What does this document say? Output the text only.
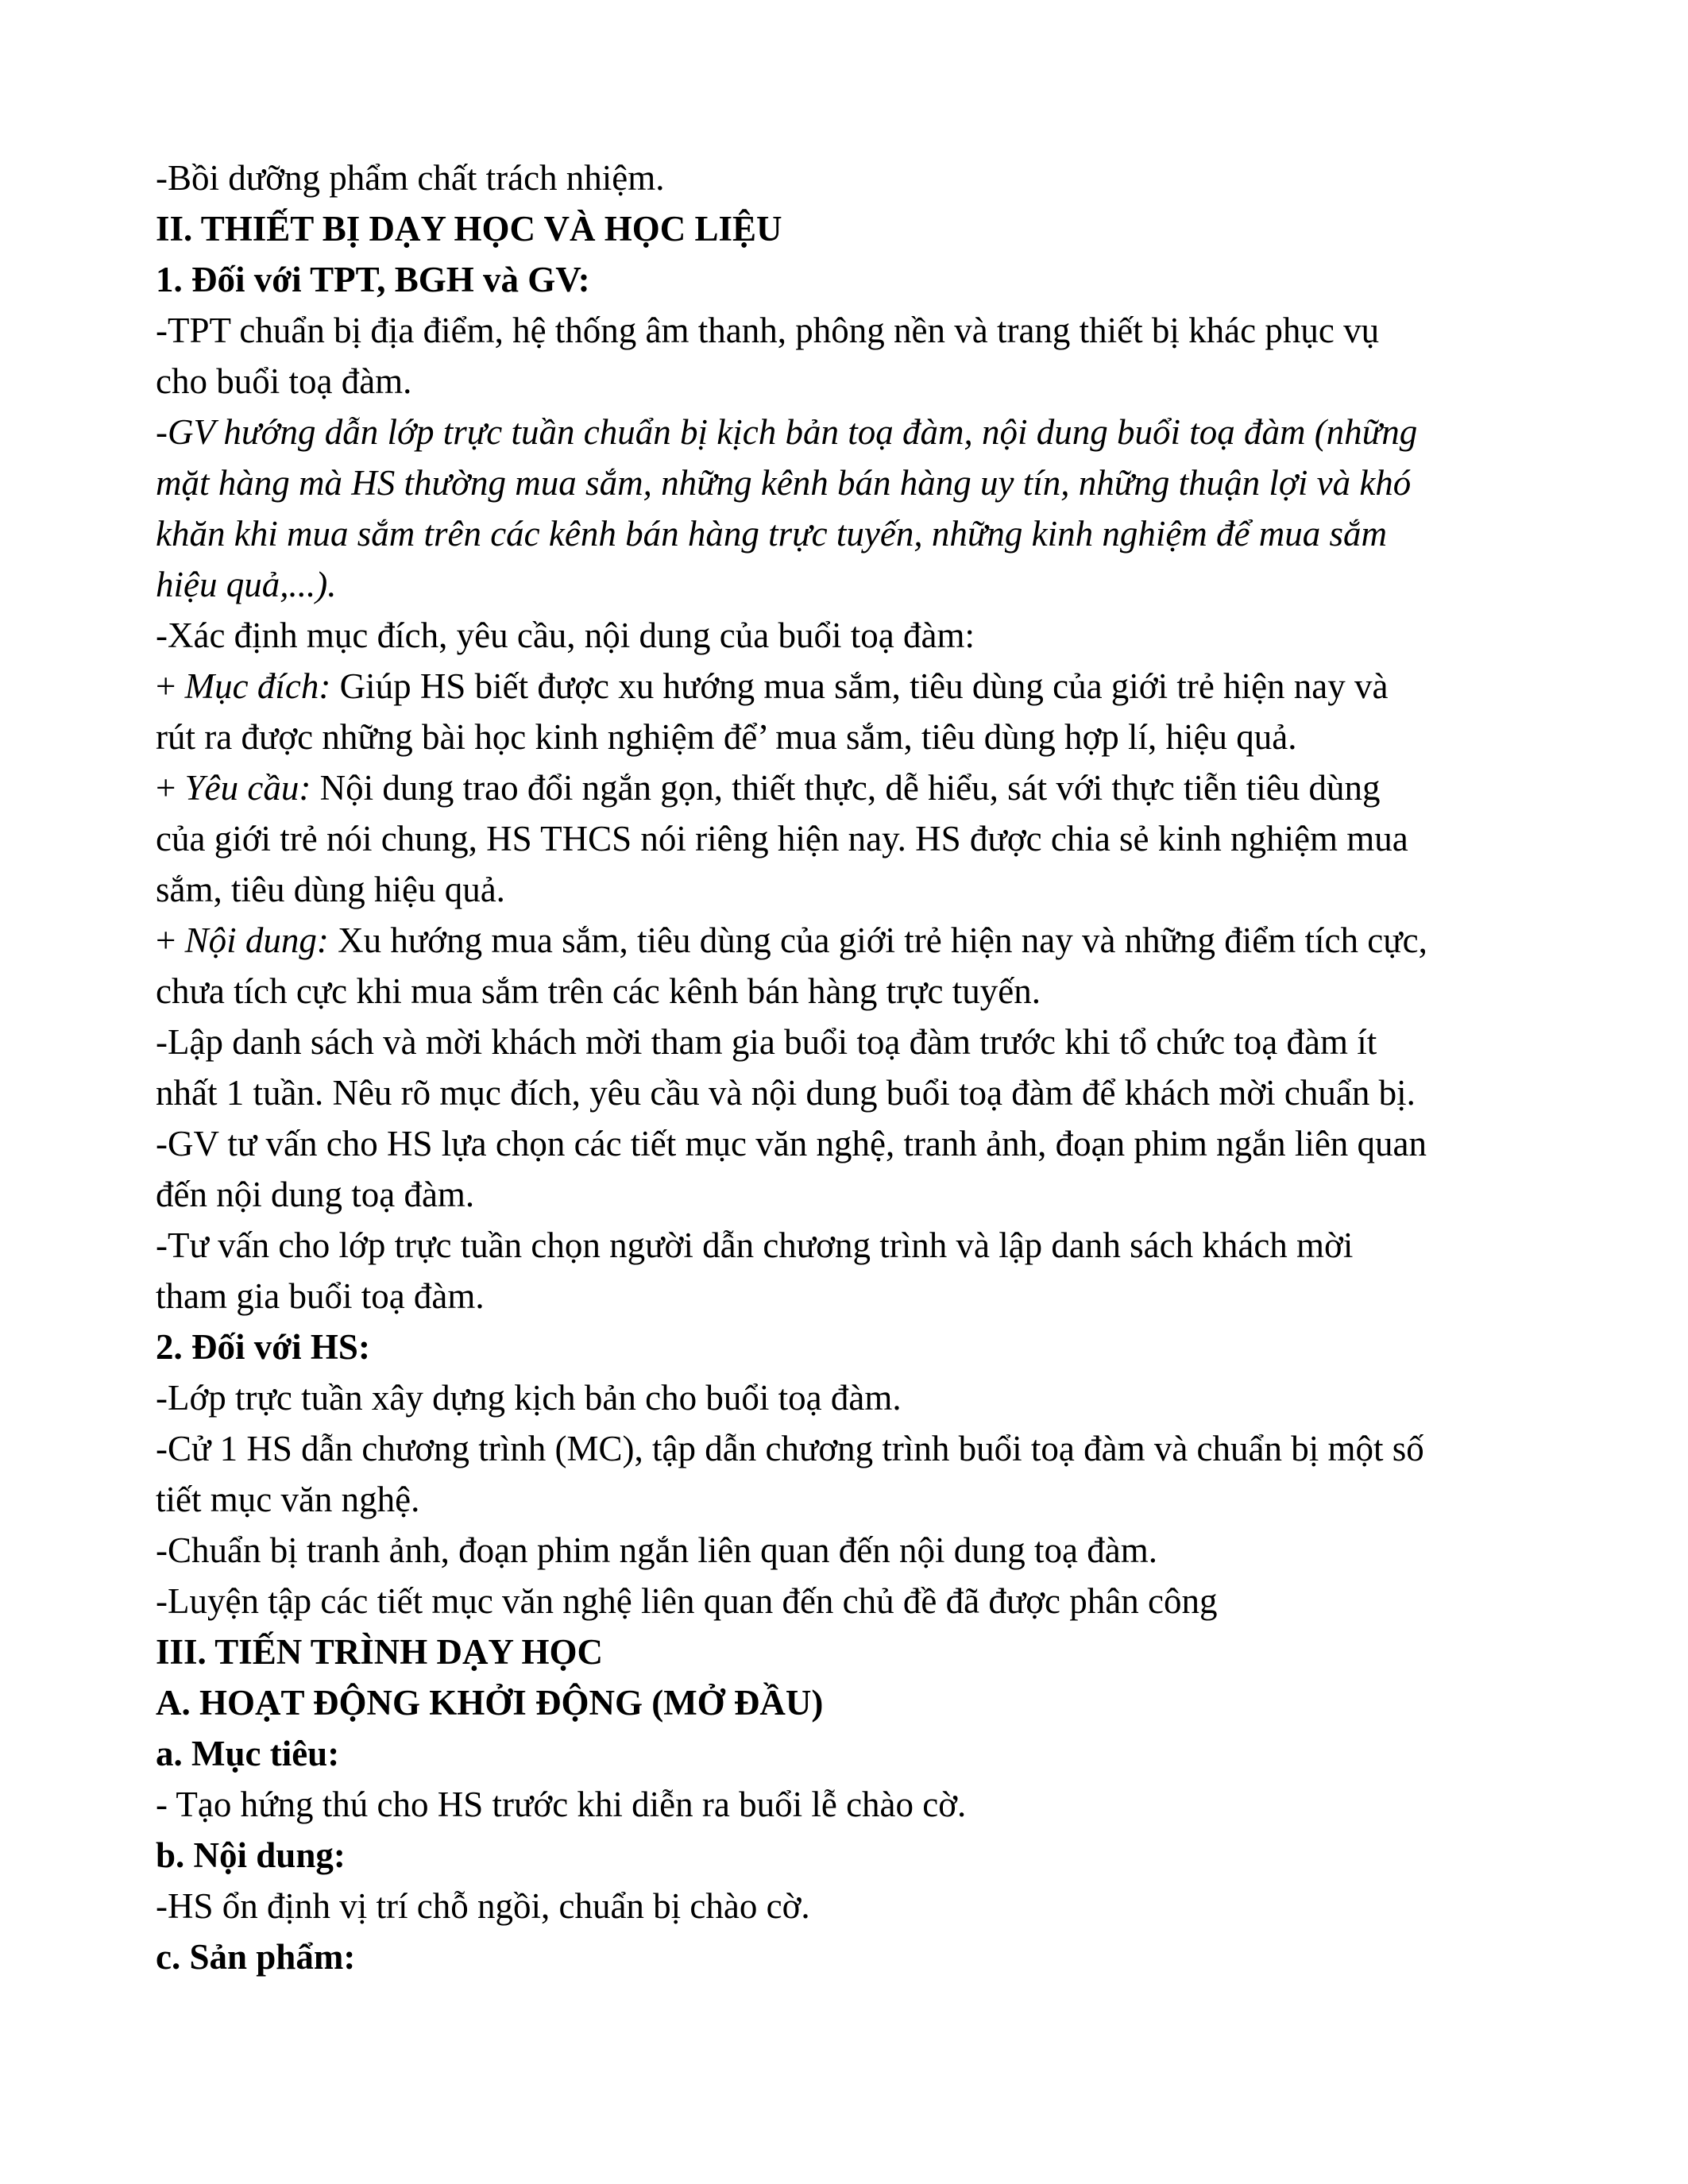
-Bồi dưỡng phẩm chất trách nhiệm.
II. THIẾT BỊ DẠY HỌC VÀ HỌC LIỆU
1. Đối với TPT, BGH và GV:
-TPT chuẩn bị địa điểm, hệ thống âm thanh, phông nền và trang thiết bị khác phục vụ
cho buổi toạ đàm.
-GV hướng dẫn lớp trực tuần chuẩn bị kịch bản toạ đàm, nội dung buổi toạ đàm (những
mặt hàng mà HS thường mua sắm, những kênh bán hàng uy tín, những thuận lợi và khó
khăn khi mua sắm trên các kênh bán hàng trực tuyến, những kinh nghiệm để mua sắm
hiệu quả,...).
-Xác định mục đích, yêu cầu, nội dung của buổi toạ đàm:
+ Mục đích: Giúp HS biết được xu hướng mua sắm, tiêu dùng của giới trẻ hiện nay và
rút ra được những bài học kinh nghiệm để’ mua sắm, tiêu dùng hợp lí, hiệu quả.
+ Yêu cầu: Nội dung trao đổi ngắn gọn, thiết thực, dễ hiểu, sát với thực tiễn tiêu dùng
của giới trẻ nói chung, HS THCS nói riêng hiện nay. HS được chia sẻ kinh nghiệm mua
sắm, tiêu dùng hiệu quả.
+ Nội dung: Xu hướng mua sắm, tiêu dùng của giới trẻ hiện nay và những điểm tích cực,
chưa tích cực khi mua sắm trên các kênh bán hàng trực tuyến.
-Lập danh sách và mời khách mời tham gia buổi toạ đàm trước khi tổ chức toạ đàm ít
nhất 1 tuần. Nêu rõ mục đích, yêu cầu và nội dung buổi toạ đàm để khách mời chuẩn bị.
-GV tư vấn cho HS lựa chọn các tiết mục văn nghệ, tranh ảnh, đoạn phim ngắn liên quan
đến nội dung toạ đàm.
-Tư vấn cho lớp trực tuần chọn người dẫn chương trình và lập danh sách khách mời
tham gia buổi toạ đàm.
2. Đối với HS:
-Lớp trực tuần xây dựng kịch bản cho buổi toạ đàm.
-Cử 1 HS dẫn chương trình (MC), tập dẫn chương trình buổi toạ đàm và chuẩn bị một số
tiết mục văn nghệ.
-Chuẩn bị tranh ảnh, đoạn phim ngắn liên quan đến nội dung toạ đàm.
-Luyện tập các tiết mục văn nghệ liên quan đến chủ đề đã được phân công
III. TIẾN TRÌNH DẠY HỌC
A. HOẠT ĐỘNG KHỞI ĐỘNG (MỞ ĐẦU)
a. Mục tiêu:
- Tạo hứng thú cho HS trước khi diễn ra buổi lễ chào cờ.
b. Nội dung:
-HS ổn định vị trí chỗ ngồi, chuẩn bị chào cờ.
c. Sản phẩm:
